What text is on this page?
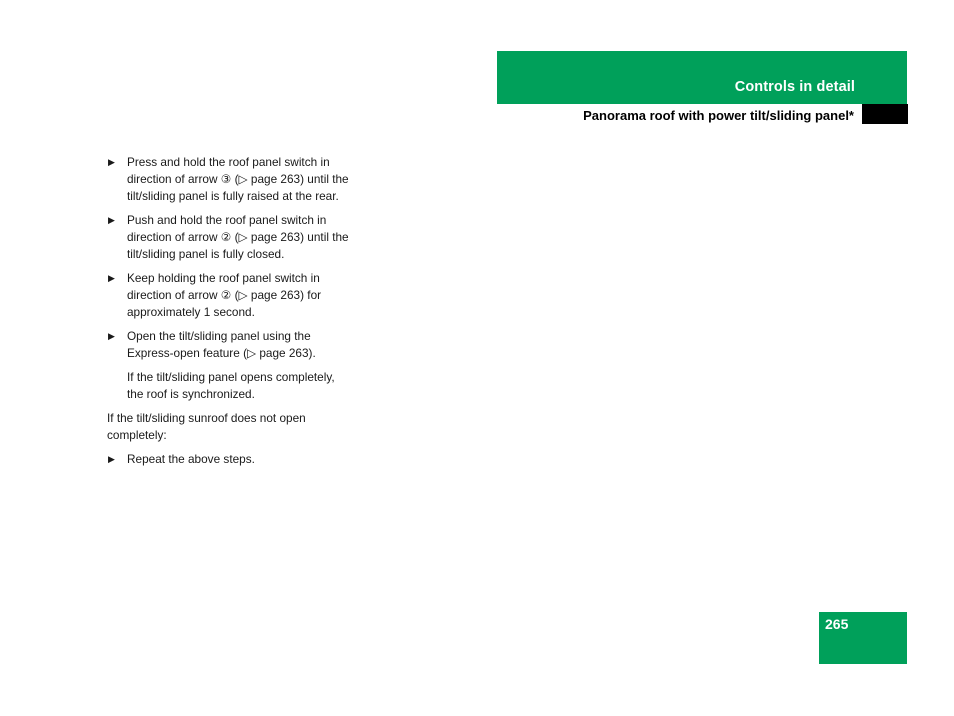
Controls in detail
Panorama roof with power tilt/sliding panel*
▶ Press and hold the roof panel switch in direction of arrow ③ (▷ page 263) until the tilt/sliding panel is fully raised at the rear.
▶ Push and hold the roof panel switch in direction of arrow ② (▷ page 263) until the tilt/sliding panel is fully closed.
▶ Keep holding the roof panel switch in direction of arrow ② (▷ page 263) for approximately 1 second.
▶ Open the tilt/sliding panel using the Express-open feature (▷ page 263).
If the tilt/sliding panel opens completely, the roof is synchronized.
If the tilt/sliding sunroof does not open completely:
▶ Repeat the above steps.
265
